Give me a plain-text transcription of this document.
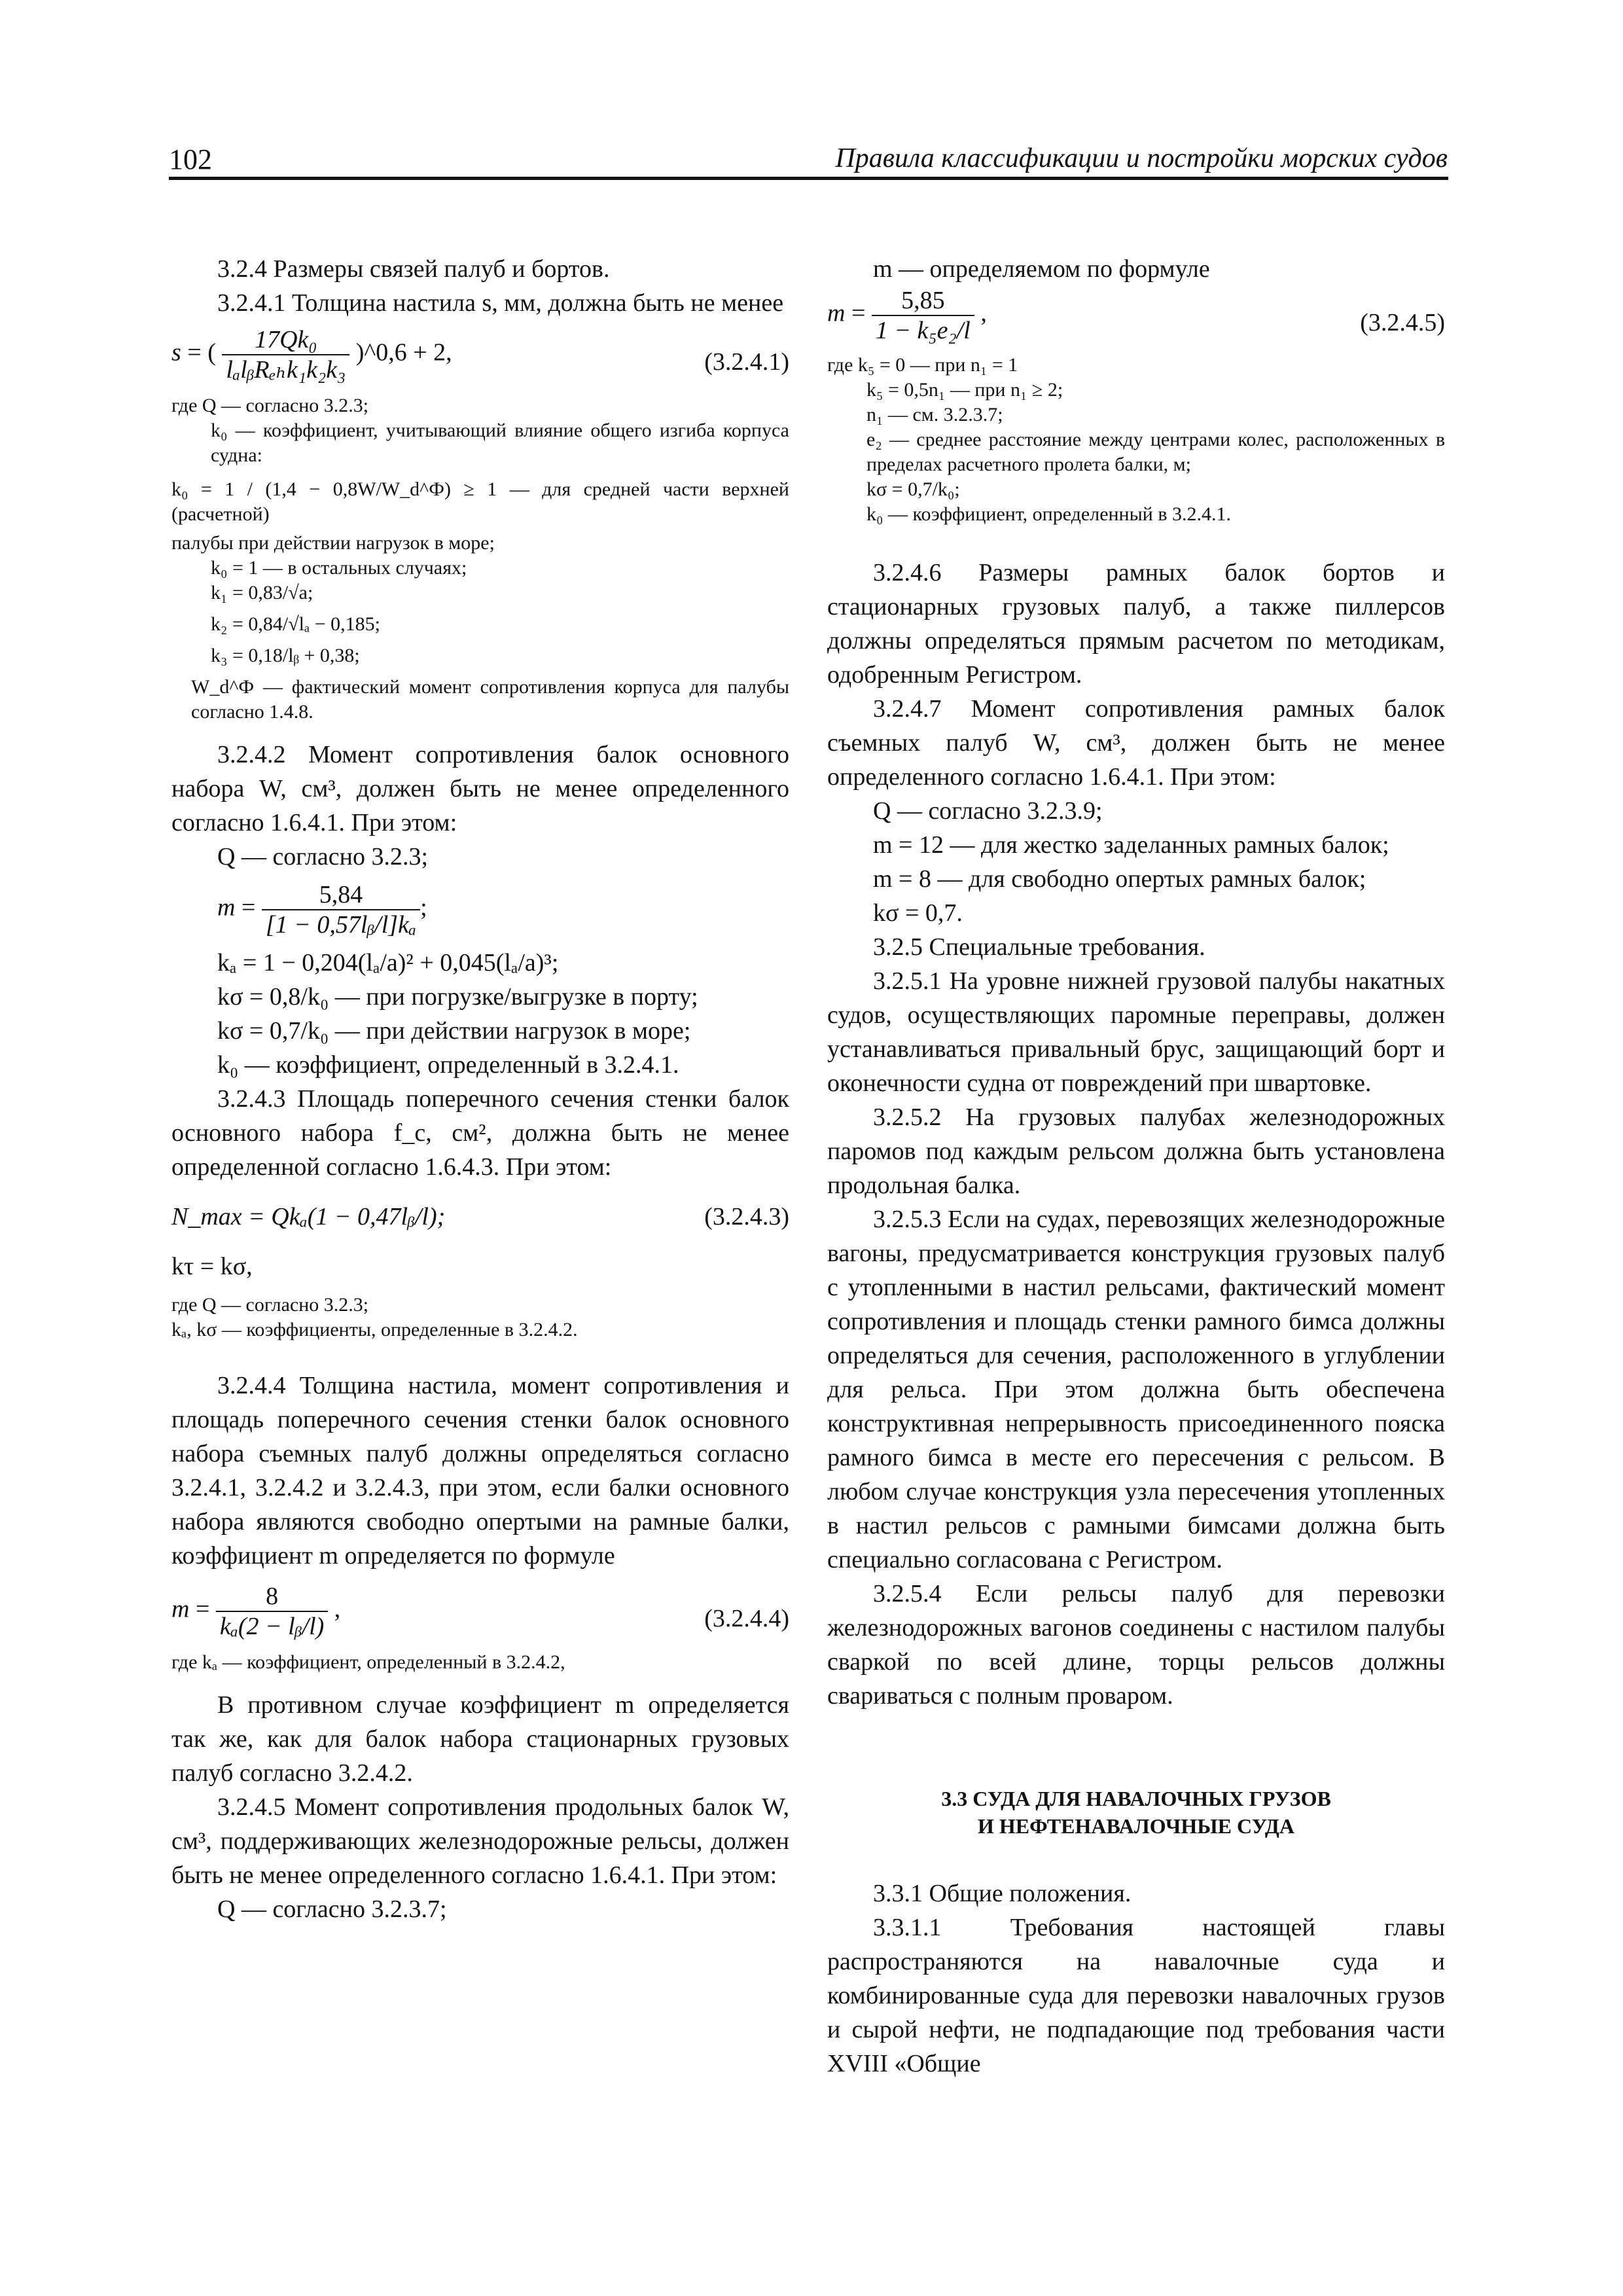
102	Правила классификации и постройки морских судов

3.2.4 Размеры связей палуб и бортов.

3.2.4.1 Толщина настила s, мм, должна быть не менее

s = ( $\frac{\text{17Qk₀}}{\text{lₐlᵦRₑₕk₁k₂k₃}}$ )^0,6 + 2,	(3.2.4.1)

где Q — согласно 3.2.3;

k₀ — коэффициент, учитывающий влияние общего изгиба корпуса судна:

k₀ = 1 / (1,4 − 0,8W/W_d^Ф) ≥ 1 — для средней части верхней (расчетной)

палубы при действии нагрузок в море;

k₀ = 1 — в остальных случаях;

k₁ = 0,83/√a;

k₂ = 0,84/√lₐ − 0,185;

k₃ = 0,18/lᵦ + 0,38;

W_d^Ф — фактический момент сопротивления корпуса для палубы согласно 1.4.8.

3.2.4.2 Момент сопротивления балок основного набора W, см³, должен быть не менее определенного согласно 1.6.4.1. При этом:

Q — согласно 3.2.3;

$m = \frac{5,84}{\text{[1 − 0,57lᵦ/l]kₐ}}$ ;

kₐ = 1 − 0,204(lₐ/a)² + 0,045(lₐ/a)³;

kσ = 0,8/k₀ — при погрузке/выгрузке в порту;

kσ = 0,7/k₀ — при действии нагрузок в море;

k₀ — коэффициент, определенный в 3.2.4.1.

3.2.4.3 Площадь поперечного сечения стенки балок основного набора f_c, см², должна быть не менее определенной согласно 1.6.4.3. При этом:

N_max = Qkₐ(1 − 0,47lᵦ/l);	(3.2.4.3)

kτ = kσ,

где Q — согласно 3.2.3;

kₐ, kσ — коэффициенты, определенные в 3.2.4.2.

3.2.4.4 Толщина настила, момент сопротивления и площадь поперечного сечения стенки балок основного набора съемных палуб должны определяться согласно 3.2.4.1, 3.2.4.2 и 3.2.4.3, при этом, если балки основного набора являются свободно опертыми на рамные балки, коэффициент m определяется по формуле

$m = \frac{8}{\text{kₐ(2 − lᵦ/l)}}$ ,	(3.2.4.4)

где kₐ — коэффициент, определенный в 3.2.4.2,

В противном случае коэффициент m определяется так же, как для балок набора стационарных грузовых палуб согласно 3.2.4.2.

3.2.4.5 Момент сопротивления продольных балок W, см³, поддерживающих железнодорожные рельсы, должен быть не менее определенного согласно 1.6.4.1. При этом:

Q — согласно 3.2.3.7;

m — определяемом по формуле

$m = \frac{5,85}{\text{1 − k₅e₂/l}}$ ,	(3.2.4.5)

где k₅ = 0 — при n₁ = 1

k₅ = 0,5n₁ — при n₁ ≥ 2;

n₁ — см. 3.2.3.7;

e₂ — среднее расстояние между центрами колес, расположенных в пределах расчетного пролета балки, м;

kσ = 0,7/k₀;

k₀ — коэффициент, определенный в 3.2.4.1.

3.2.4.6 Размеры рамных балок бортов и стационарных грузовых палуб, а также пиллерсов должны определяться прямым расчетом по методикам, одобренным Регистром.

3.2.4.7 Момент сопротивления рамных балок съемных палуб W, см³, должен быть не менее определенного согласно 1.6.4.1. При этом:

Q — согласно 3.2.3.9;

m = 12 — для жестко заделанных рамных балок;

m = 8 — для свободно опертых рамных балок;

kσ = 0,7.

3.2.5 Специальные требования.

3.2.5.1 На уровне нижней грузовой палубы накатных судов, осуществляющих паромные переправы, должен устанавливаться привальный брус, защищающий борт и оконечности судна от повреждений при швартовке.

3.2.5.2 На грузовых палубах железнодорожных паромов под каждым рельсом должна быть установлена продольная балка.

3.2.5.3 Если на судах, перевозящих железнодорожные вагоны, предусматривается конструкция грузовых палуб с утопленными в настил рельсами, фактический момент сопротивления и площадь стенки рамного бимса должны определяться для сечения, расположенного в углублении для рельса. При этом должна быть обеспечена конструктивная непрерывность присоединенного пояска рамного бимса в месте его пересечения с рельсом. В любом случае конструкция узла пересечения утопленных в настил рельсов с рамными бимсами должна быть специально согласована с Регистром.

3.2.5.4 Если рельсы палуб для перевозки железнодорожных вагонов соединены с настилом палубы сваркой по всей длине, торцы рельсов должны свариваться с полным проваром.

3.3 СУДА ДЛЯ НАВАЛОЧНЫХ ГРУЗОВ

И НЕФТЕНАВАЛОЧНЫЕ СУДА

3.3.1 Общие положения.

3.3.1.1 Требования настоящей главы распространяются на навалочные суда и комбинированные суда для перевозки навалочных грузов и сырой нефти, не подпадающие под требования части XVIII «Общие
